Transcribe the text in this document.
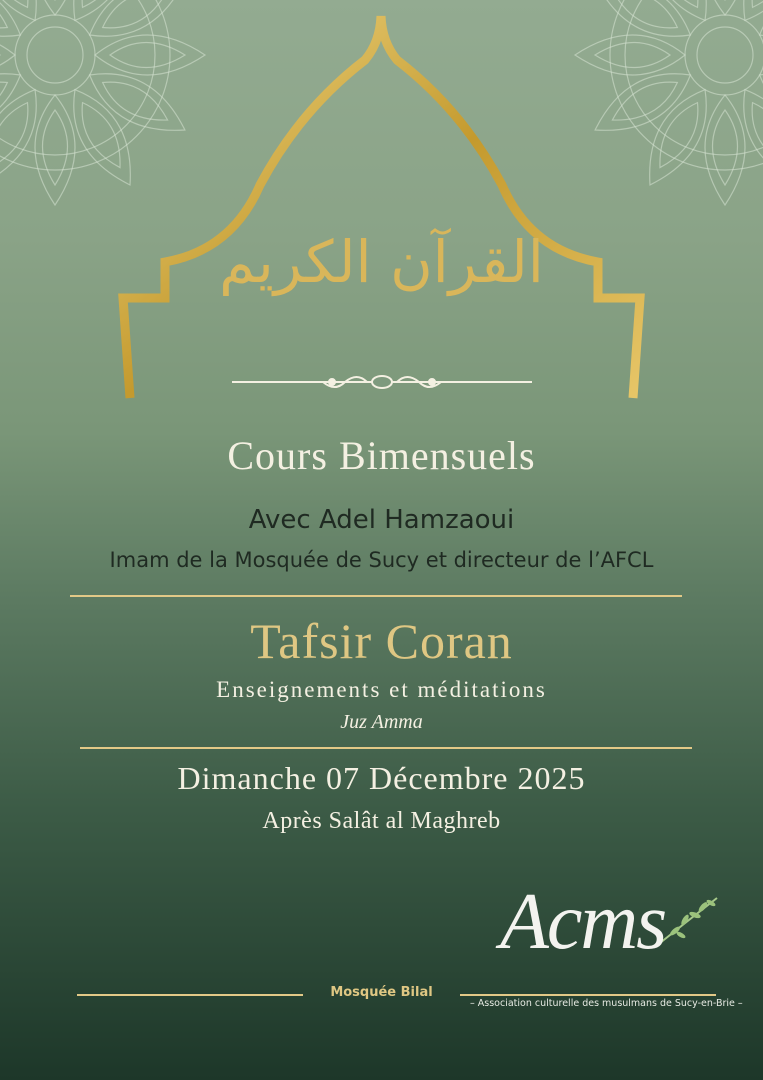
القرآن الكريم
Cours Bimensuels
Avec Adel Hamzaoui
Imam de la Mosquée de Sucy et directeur de l’AFCL
Tafsir Coran
Enseignements et méditations
Juz Amma
Dimanche 07 Décembre 2025
Après Salât al Maghreb
Acms
– Association culturelle des musulmans de Sucy-en-Brie –
Mosquée Bilal
